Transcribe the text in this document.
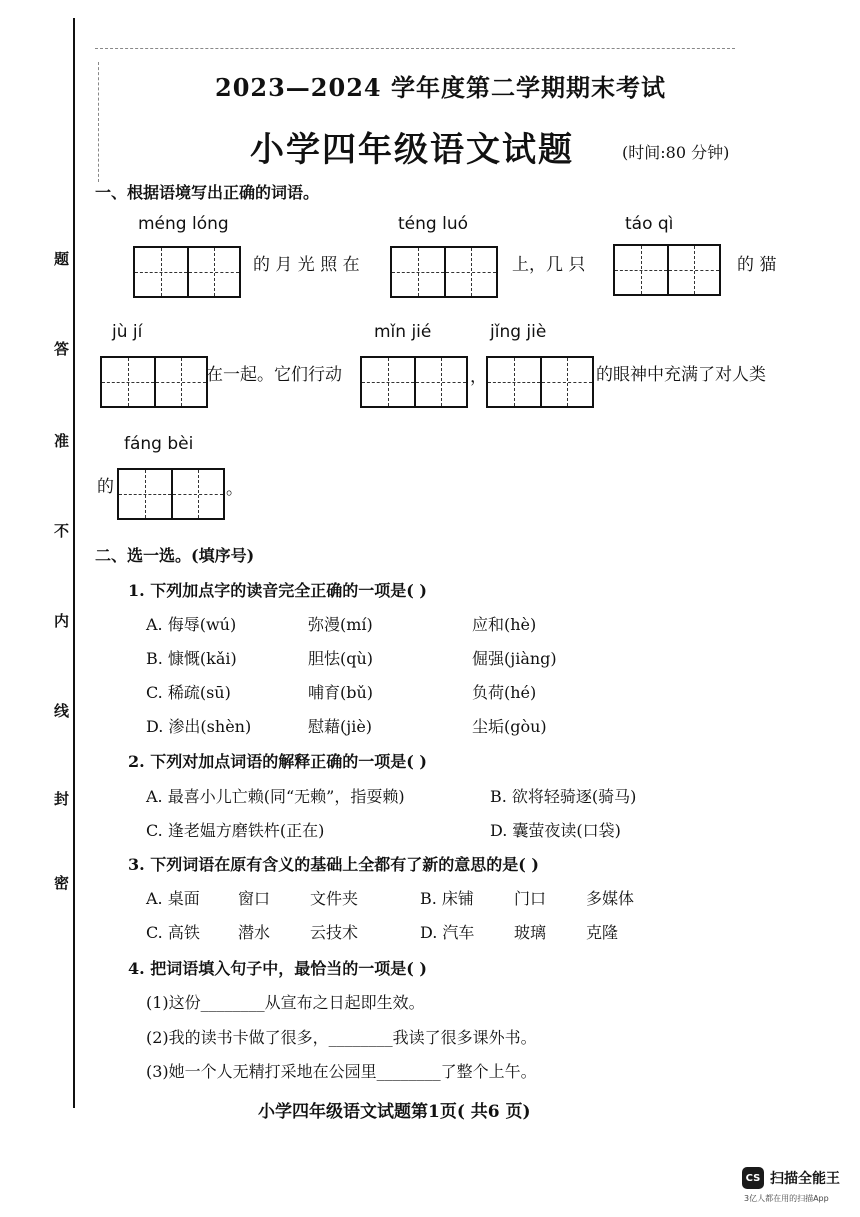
题
答
准
不
内
线
封
密
2023—2024 学年度第二学期期末考试
小学四年级语文试题	(时间:80 分钟)
一、根据语境写出正确的词语。
méng lóng
的 月 光 照 在
téng luó
上，几 只
táo qì
的 猫
jù jí
在一起。它们行动
mǐn jié
，
jǐng jiè
的眼神中充满了对人类
fáng bèi
的	。
二、选一选。(填序号)
1. 下列加点字的读音完全正确的一项是( )
A. 侮辱(wú)	弥漫(mí)	应和(hè)
B. 慷慨(kǎi)	胆怯(qù)	倔强(jiàng)
C. 稀疏(sū)	哺育(bǔ)	负荷(hé)
D. 渗出(shèn)	慰藉(jiè)	尘垢(gòu)
2. 下列对加点词语的解释正确的一项是( )
A. 最喜小儿亡赖(同“无赖”，指耍赖)	B. 欲将轻骑逐(骑马)
C. 逢老媪方磨铁杵(正在)	D. 囊萤夜读(口袋)
3. 下列词语在原有含义的基础上全都有了新的意思的是( )
A. 桌面 窗口 文件夹	B. 床铺	门口 多媒体
C. 高铁 潜水 云技术	D. 汽车 玻璃 克隆
4. 把词语填入句子中，最恰当的一项是( )
(1)这份________从宣布之日起即生效。
(2)我的读书卡做了很多，________我读了很多课外书。
(3)她一个人无精打采地在公园里________了整个上午。
小学四年级语文试题第1页( 共6 页)
CS 扫描全能王
3亿人都在用的扫描App
